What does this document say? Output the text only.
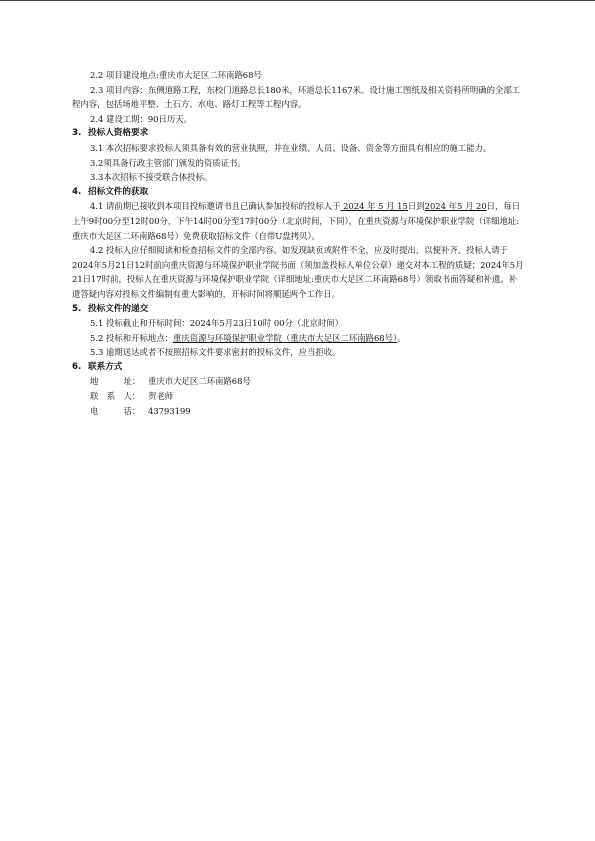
2.2 项目建设地点:重庆市大足区二环南路68号

2.3 项目内容：东侧道路工程，东校门道路总长180米，环道总长1167米。设计施工图纸及相关资料所明确的全部工程内容，包括场地平整、土石方、水电、路灯工程等工程内容。

2.4 建设工期：90日历天。

3. 投标人资格要求

3.1 本次招标要求投标人须具备有效的营业执照，并在业绩、人员、设备、资金等方面具有相应的施工能力。

3.2须具备行政主管部门颁发的资质证书。

3.3本次招标不接受联合体投标。

4. 招标文件的获取

4.1 请前期已接收到本项目投标邀请书且已确认参加投标的投标人于 2024 年 5 月 15日到2024 年5 月 20日，每日上午9时00分至12时00分，下午14时00分至17时00分（北京时间，下同），在重庆资源与环境保护职业学院（详细地址:重庆市大足区二环南路68号）免费获取招标文件（自带U盘拷贝）。

4.2 投标人应仔细阅读和检查招标文件的全部内容。如发现缺页或附件不全，应及时提出，以便补齐。投标人请于2024年5月21日12时前向重庆资源与环境保护职业学院书面（须加盖投标人单位公章）递交对本工程的质疑；2024年5月21日17时前，投标人在重庆资源与环境保护职业学院（详细地址:重庆市大足区二环南路68号）领取书面答疑和补遗。补遗答疑内容对投标文件编制有重大影响的，开标时间将顺延两个工作日。

5. 投标文件的递交

5.1 投标截止和开标时间：2024年5月23日10时 00分（北京时间）

5.2 投标和开标地点：重庆资源与环境保护职业学院（重庆市大足区二环南路68号）。

5.3 逾期送达或者不按照招标文件要求密封的投标文件，应当拒收。

6. 联系方式

地　　　址： 重庆市大足区二环南路68号
联　系　人： 贺老师
电　　　话： 43793199
